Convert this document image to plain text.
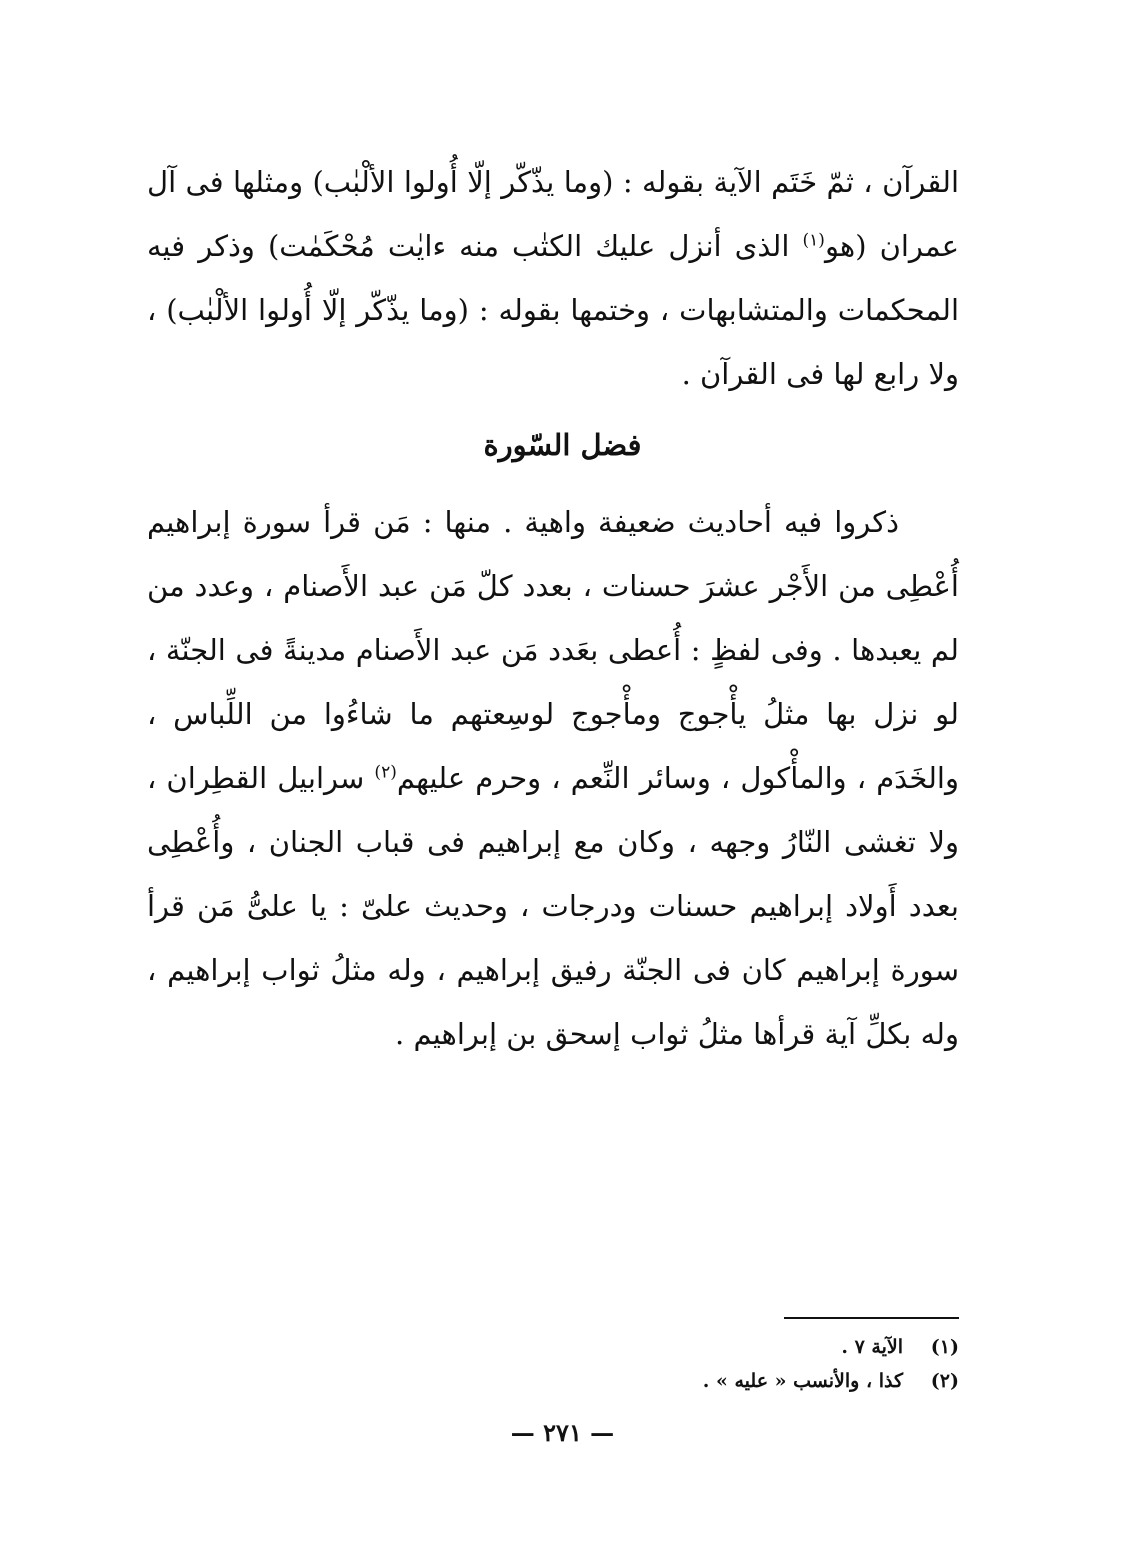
القرآن ، ثمّ خَتَم الآية بقوله : (وما يذّكّر إلّا أُولوا الألْبٰب) ومثلها فى آل عمران (هو$^{(١)}$ الذى أنزل عليك الكتٰب منه ءايٰت مُحْكَمٰت) وذكر فيه المحكمات والمتشابهات ، وختمها بقوله : (وما يذّكّر إلّا أُولوا الألْبٰب) ، ولا رابع لها فى القرآن .

فضل السّورة

ذكروا فيه أحاديث ضعيفة واهية . منها : مَن قرأ سورة إبراهيم أُعْطِى من الأَجْر عشرَ حسنات ، بعدد كلّ مَن عبد الأَصنام ، وعدد من لم يعبدها . وفى لفظٍ : أُعطى بعَدد مَن عبد الأَصنام مدينةً فى الجنّة ، لو نزل بها مثلُ يأْجوج ومأْجوج لوسِعتهم ما شاءُوا من اللِّباس ، والخَدَم ، والمأْكول ، وسائر النِّعم ، وحرم عليهم$^{(٢)}$ سرابيل القطِران ، ولا تغشى النّارُ وجهه ، وكان مع إبراهيم فى قباب الجنان ، وأُعْطِى بعدد أَولاد إبراهيم حسنات ودرجات ، وحديث علىّ : يا علىُّ مَن قرأ سورة إبراهيم كان فى الجنّة رفيق إبراهيم ، وله مثلُ ثواب إبراهيم ، وله بكلِّ آية قرأها مثلُ ثواب إسحق بن إبراهيم .

(١)
الآية ٧ .
(٢)
كذا ، والأنسب « عليه » .
— ٢٧١ —
